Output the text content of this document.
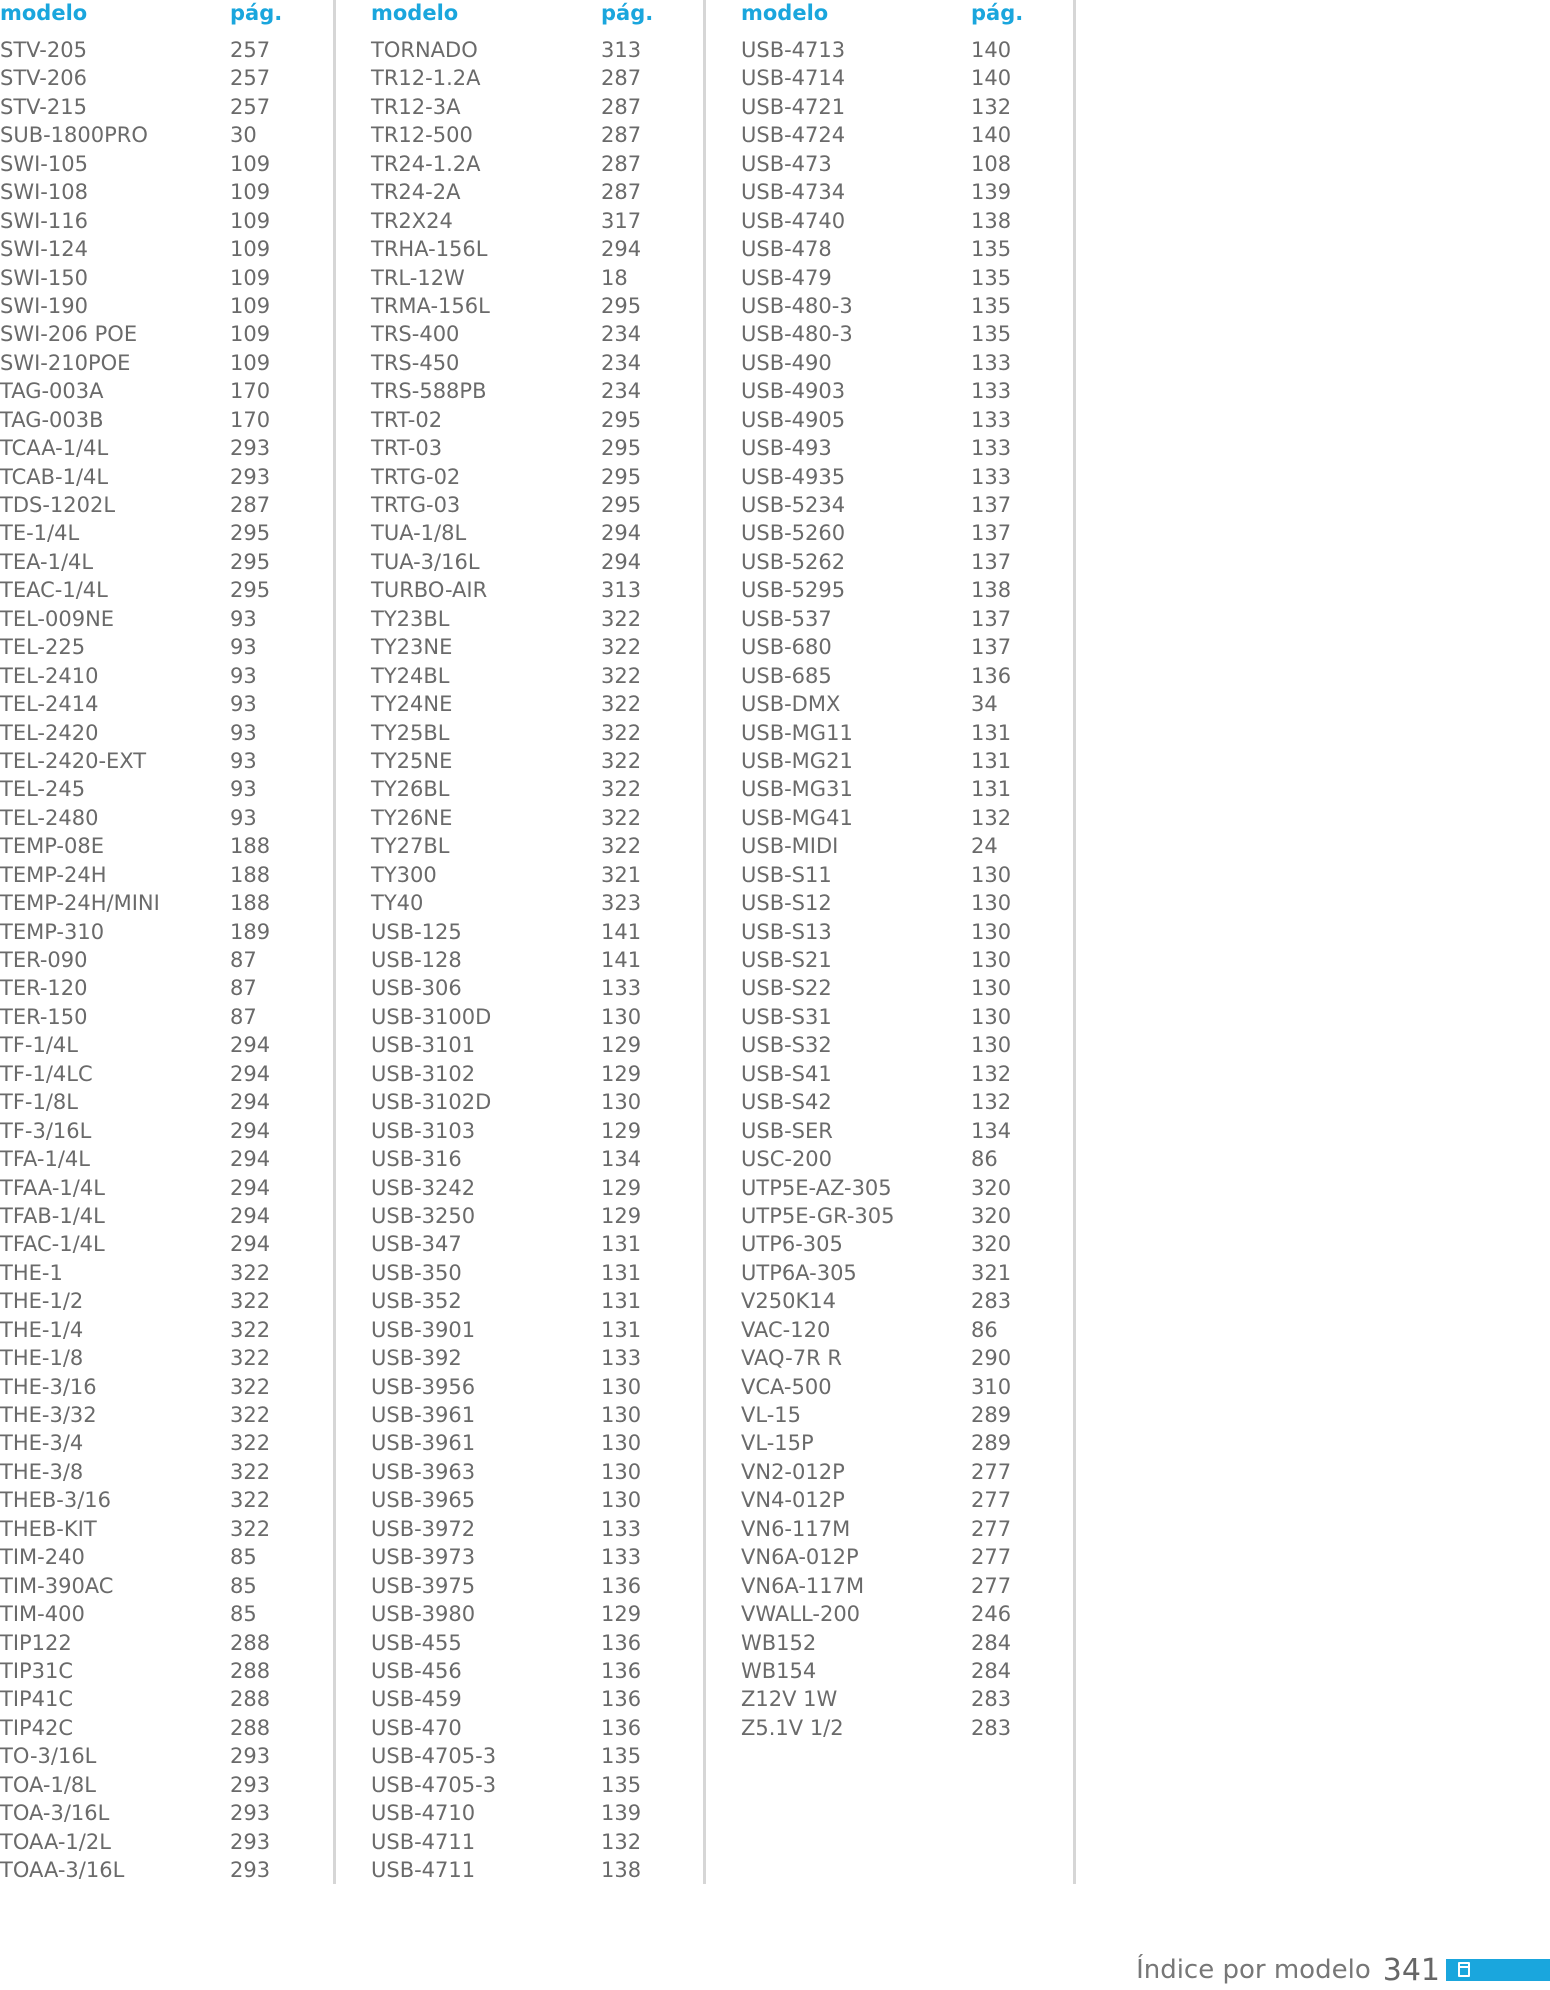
modelo	pág.
STV-205	257
STV-206	257
STV-215	257
SUB-1800PRO	30
SWI-105	109
SWI-108	109
SWI-116	109
SWI-124	109
SWI-150	109
SWI-190	109
SWI-206 POE	109
SWI-210POE	109
TAG-003A	170
TAG-003B	170
TCAA-1/4L	293
TCAB-1/4L	293
TDS-1202L	287
TE-1/4L	295
TEA-1/4L	295
TEAC-1/4L	295
TEL-009NE	93
TEL-225	93
TEL-2410	93
TEL-2414	93
TEL-2420	93
TEL-2420-EXT	93
TEL-245	93
TEL-2480	93
TEMP-08E	188
TEMP-24H	188
TEMP-24H/MINI	188
TEMP-310	189
TER-090	87
TER-120	87
TER-150	87
TF-1/4L	294
TF-1/4LC	294
TF-1/8L	294
TF-3/16L	294
TFA-1/4L	294
TFAA-1/4L	294
TFAB-1/4L	294
TFAC-1/4L	294
THE-1	322
THE-1/2	322
THE-1/4	322
THE-1/8	322
THE-3/16	322
THE-3/32	322
THE-3/4	322
THE-3/8	322
THEB-3/16	322
THEB-KIT	322
TIM-240	85
TIM-390AC	85
TIM-400	85
TIP122	288
TIP31C	288
TIP41C	288
TIP42C	288
TO-3/16L	293
TOA-1/8L	293
TOA-3/16L	293
TOAA-1/2L	293
TOAA-3/16L	293
modelo	pág.
TORNADO	313
TR12-1.2A	287
TR12-3A	287
TR12-500	287
TR24-1.2A	287
TR24-2A	287
TR2X24	317
TRHA-156L	294
TRL-12W	18
TRMA-156L	295
TRS-400	234
TRS-450	234
TRS-588PB	234
TRT-02	295
TRT-03	295
TRTG-02	295
TRTG-03	295
TUA-1/8L	294
TUA-3/16L	294
TURBO-AIR	313
TY23BL	322
TY23NE	322
TY24BL	322
TY24NE	322
TY25BL	322
TY25NE	322
TY26BL	322
TY26NE	322
TY27BL	322
TY300	321
TY40	323
USB-125	141
USB-128	141
USB-306	133
USB-3100D	130
USB-3101	129
USB-3102	129
USB-3102D	130
USB-3103	129
USB-316	134
USB-3242	129
USB-3250	129
USB-347	131
USB-350	131
USB-352	131
USB-3901	131
USB-392	133
USB-3956	130
USB-3961	130
USB-3961	130
USB-3963	130
USB-3965	130
USB-3972	133
USB-3973	133
USB-3975	136
USB-3980	129
USB-455	136
USB-456	136
USB-459	136
USB-470	136
USB-4705-3	135
USB-4705-3	135
USB-4710	139
USB-4711	132
USB-4711	138
modelo	pág.
USB-4713	140
USB-4714	140
USB-4721	132
USB-4724	140
USB-473	108
USB-4734	139
USB-4740	138
USB-478	135
USB-479	135
USB-480-3	135
USB-480-3	135
USB-490	133
USB-4903	133
USB-4905	133
USB-493	133
USB-4935	133
USB-5234	137
USB-5260	137
USB-5262	137
USB-5295	138
USB-537	137
USB-680	137
USB-685	136
USB-DMX	34
USB-MG11	131
USB-MG21	131
USB-MG31	131
USB-MG41	132
USB-MIDI	24
USB-S11	130
USB-S12	130
USB-S13	130
USB-S21	130
USB-S22	130
USB-S31	130
USB-S32	130
USB-S41	132
USB-S42	132
USB-SER	134
USC-200	86
UTP5E-AZ-305	320
UTP5E-GR-305	320
UTP6-305	320
UTP6A-305	321
V250K14	283
VAC-120	86
VAQ-7R R	290
VCA-500	310
VL-15	289
VL-15P	289
VN2-012P	277
VN4-012P	277
VN6-117M	277
VN6A-012P	277
VN6A-117M	277
VWALL-200	246
WB152	284
WB154	284
Z12V 1W	283
Z5.1V 1/2	283
Índice por modelo 341
